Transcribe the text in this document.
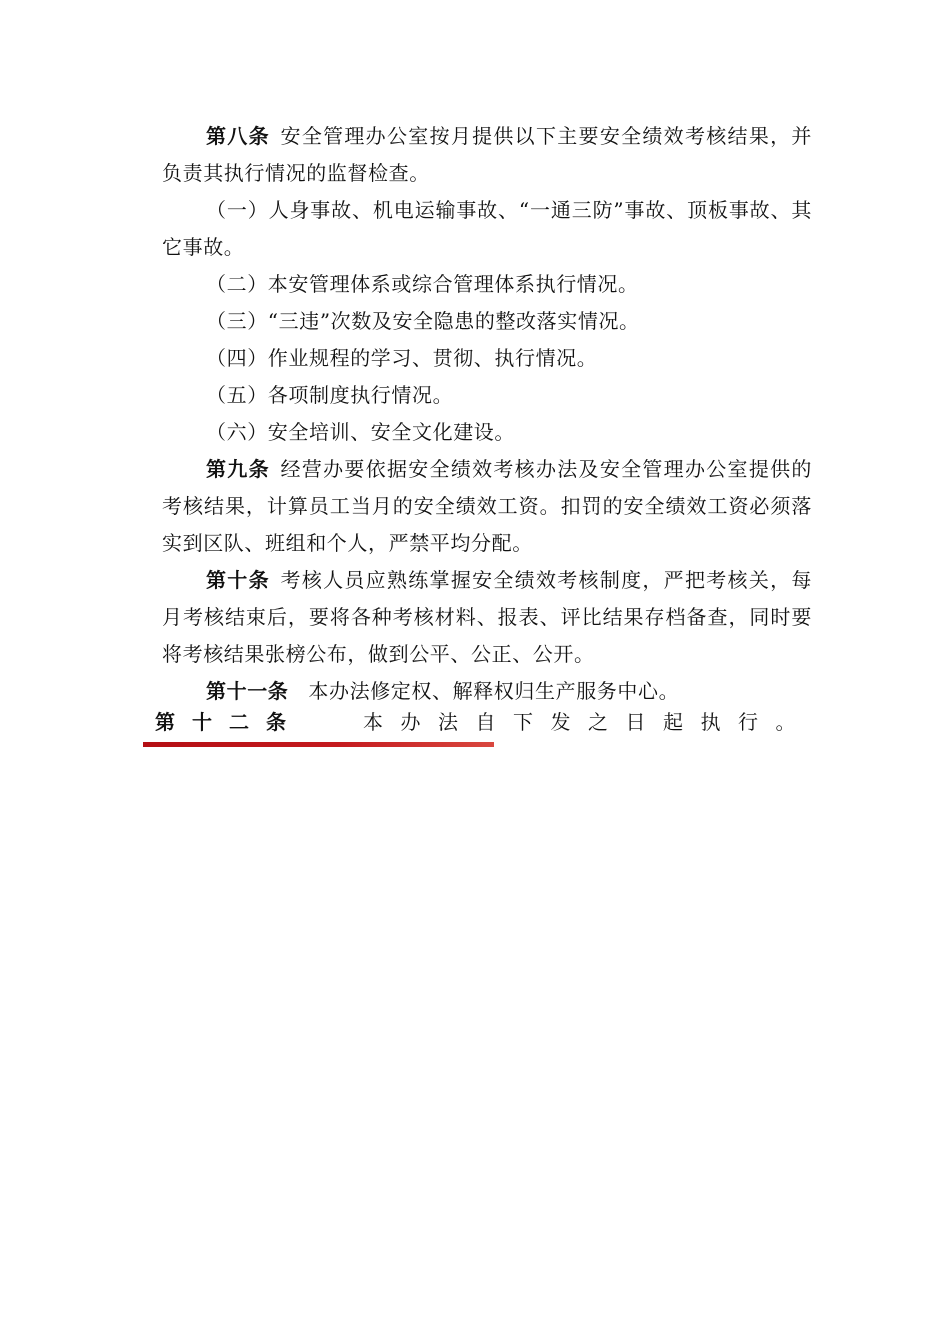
第八条 安全管理办公室按月提供以下主要安全绩效考核结果，并负责其执行情况的监督检查。

（一）人身事故、机电运输事故、“一通三防”事故、顶板事故、其它事故。

（二）本安管理体系或综合管理体系执行情况。

（三）“三违”次数及安全隐患的整改落实情况。

（四）作业规程的学习、贯彻、执行情况。

（五）各项制度执行情况。

（六）安全培训、安全文化建设。

第九条 经营办要依据安全绩效考核办法及安全管理办公室提供的考核结果，计算员工当月的安全绩效工资。扣罚的安全绩效工资必须落实到区队、班组和个人，严禁平均分配。

第十条 考核人员应熟练掌握安全绩效考核制度，严把考核关，每月考核结束后，要将各种考核材料、报表、评比结果存档备查，同时要将考核结果张榜公布，做到公平、公正、公开。

第十一条 本办法修定权、解释权归生产服务中心。

第十二条	本办法自下发之日起执行。
